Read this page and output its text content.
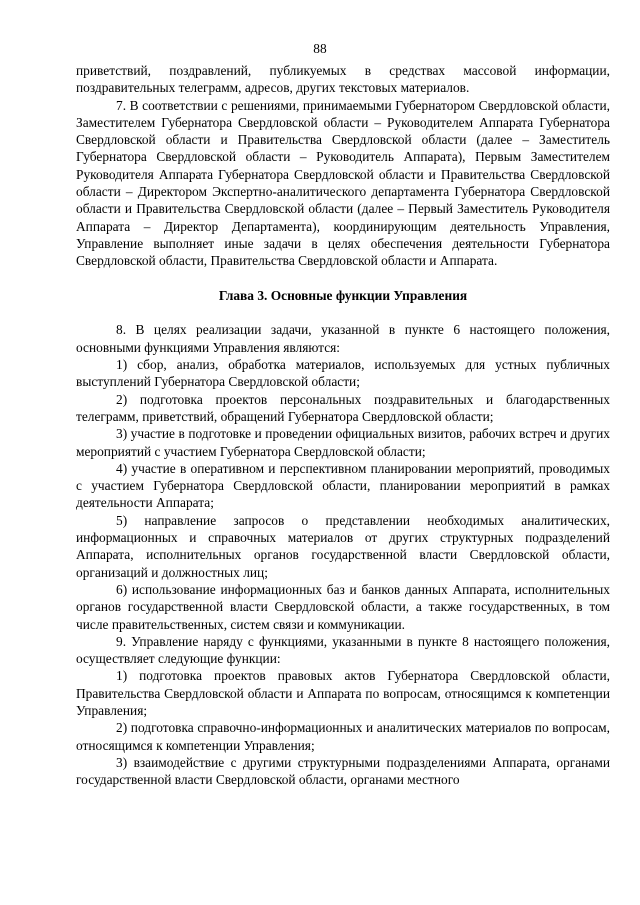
88

приветствий, поздравлений, публикуемых в средствах массовой информации, поздравительных телеграмм, адресов, других текстовых материалов.

7. В соответствии с решениями, принимаемыми Губернатором Свердловской области, Заместителем Губернатора Свердловской области – Руководителем Аппарата Губернатора Свердловской области и Правительства Свердловской области (далее – Заместитель Губернатора Свердловской области – Руководитель Аппарата), Первым Заместителем Руководителя Аппарата Губернатора Свердловской области и Правительства Свердловской области – Директором Экспертно-аналитического департамента Губернатора Свердловской области и Правительства Свердловской области (далее – Первый Заместитель Руководителя Аппарата – Директор Департамента), координирующим деятельность Управления, Управление выполняет иные задачи в целях обеспечения деятельности Губернатора Свердловской области, Правительства Свердловской области и Аппарата.

Глава 3. Основные функции Управления

8. В целях реализации задачи, указанной в пункте 6 настоящего положения, основными функциями Управления являются:

1) сбор, анализ, обработка материалов, используемых для устных публичных выступлений Губернатора Свердловской области;

2) подготовка проектов персональных поздравительных и благодарственных телеграмм, приветствий, обращений Губернатора Свердловской области;

3) участие в подготовке и проведении официальных визитов, рабочих встреч и других мероприятий с участием Губернатора Свердловской области;

4) участие в оперативном и перспективном планировании мероприятий, проводимых с участием Губернатора Свердловской области, планировании мероприятий в рамках деятельности Аппарата;

5) направление запросов о представлении необходимых аналитических, информационных и справочных материалов от других структурных подразделений Аппарата, исполнительных органов государственной власти Свердловской области, организаций и должностных лиц;

6) использование информационных баз и банков данных Аппарата, исполнительных органов государственной власти Свердловской области, а также государственных, в том числе правительственных, систем связи и коммуникации.

9. Управление наряду с функциями, указанными в пункте 8 настоящего положения, осуществляет следующие функции:

1) подготовка проектов правовых актов Губернатора Свердловской области, Правительства Свердловской области и Аппарата по вопросам, относящимся к компетенции Управления;

2) подготовка справочно-информационных и аналитических материалов по вопросам, относящимся к компетенции Управления;

3) взаимодействие с другими структурными подразделениями Аппарата, органами государственной власти Свердловской области, органами местного
